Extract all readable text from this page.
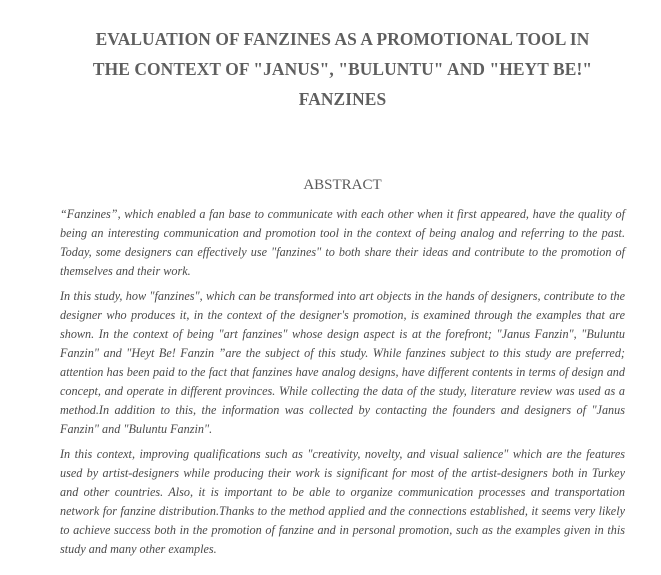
EVALUATION OF FANZINES AS A PROMOTIONAL TOOL IN
THE CONTEXT OF "JANUS", "BULUNTU" AND "HEYT BE!"
FANZINES
ABSTRACT

“Fanzines”, which enabled a fan base to communicate with each other when it first appeared, have the quality of being an interesting communication and promotion tool in the context of being analog and referring to the past. Today, some designers can effectively use "fanzines" to both share their ideas and contribute to the promotion of themselves and their work.

In this study, how "fanzines", which can be transformed into art objects in the hands of designers, contribute to the designer who produces it, in the context of the designer's promotion, is examined through the examples that are shown. In the context of being "art fanzines" whose design aspect is at the forefront; "Janus Fanzin", "Buluntu Fanzin" and "Heyt Be! Fanzin ”are the subject of this study. While fanzines subject to this study are preferred; attention has been paid to the fact that fanzines have analog designs, have different contents in terms of design and concept, and operate in different provinces. While collecting the data of the study, literature review was used as a method.In addition to this, the information was collected by contacting the founders and designers of "Janus Fanzin" and "Buluntu Fanzin".

In this context, improving qualifications such as "creativity, novelty, and visual salience" which are the features used by artist-designers while producing their work is significant for most of the artist-designers both in Turkey and other countries. Also, it is important to be able to organize communication processes and transportation network for fanzine distribution.Thanks to the method applied and the connections established, it seems very likely to achieve success both in the promotion of fanzine and in personal promotion, such as the examples given in this study and many other examples.
